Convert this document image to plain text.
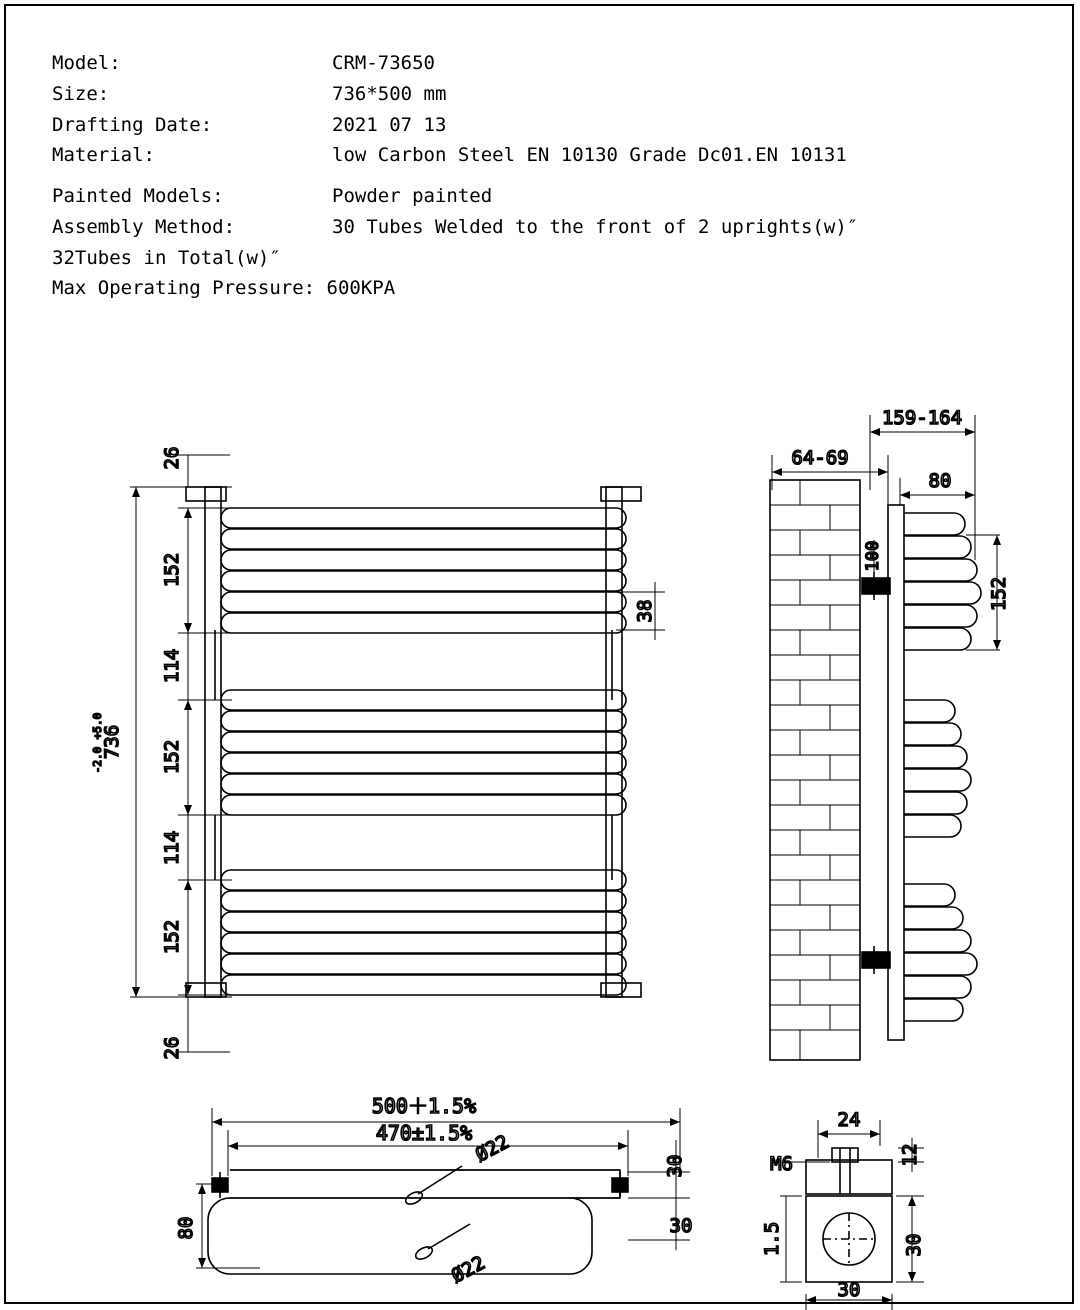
Model:	CRM-73650
Size:	736*500 mm
Drafting Date:	2021 07 13
Material:	low Carbon Steel EN 10130 Grade Dc01.EN 10131
Painted Models:	Powder painted
Assembly Method:	30 Tubes Welded to the front of 2 uprights(w)″
32Tubes in Total(w)″
Max Operating Pressure: 600KPA
736
+5.0
-2.0
26
26
152
114
152
114
152
38
159-164
64-69
80
100
152
Ø22
Ø22
500＋1.5%
470±1.5%
80
30
30
24
12
M6
30
30
1.5
